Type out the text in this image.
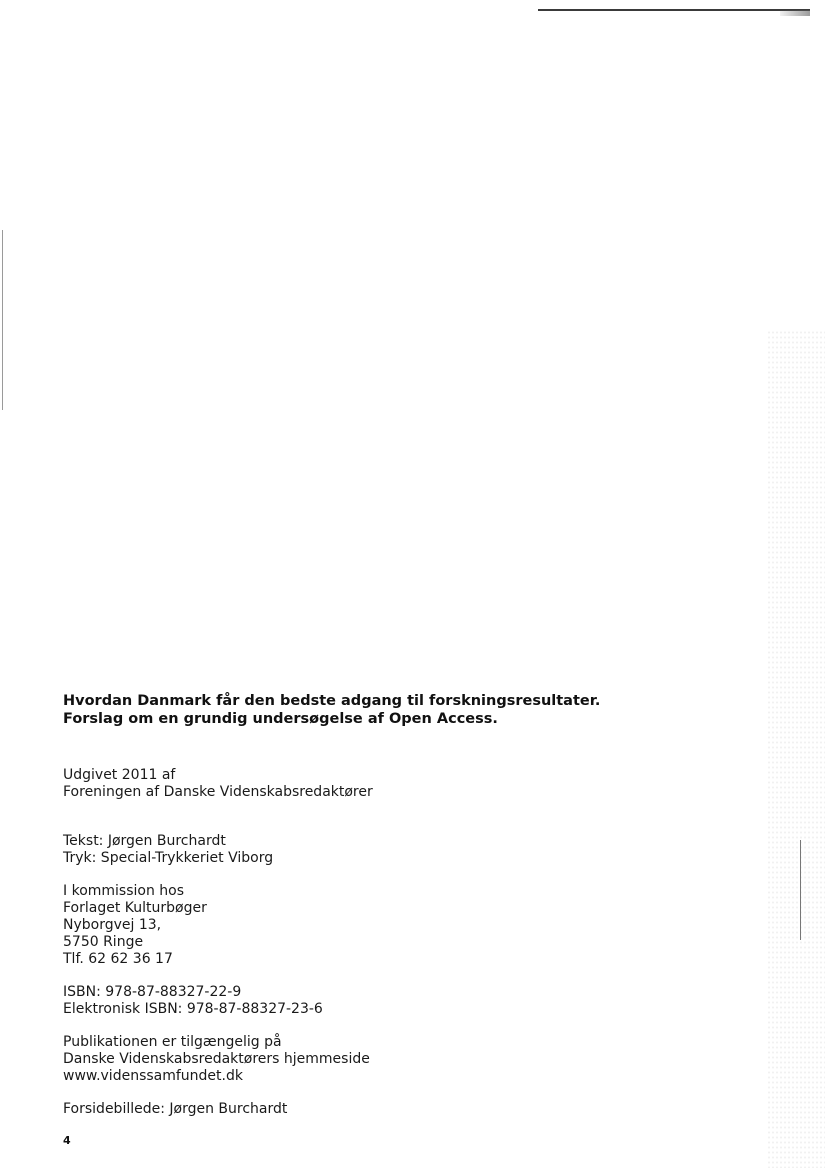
Hvordan Danmark får den bedste adgang til forskningsresultater.
Forslag om en grundig undersøgelse af Open Access.

Udgivet 2011 af
Foreningen af Danske Videnskabsredaktører

Tekst: Jørgen Burchardt
Tryk: Special-Trykkeriet Viborg

I kommission hos
Forlaget Kulturbøger
Nyborgvej 13,
5750 Ringe
Tlf. 62 62 36 17

ISBN: 978-87-88327-22-9
Elektronisk ISBN: 978-87-88327-23-6

Publikationen er tilgængelig på
Danske Videnskabsredaktørers hjemmeside
www.videnssamfundet.dk

Forsidebillede: Jørgen Burchardt

4
